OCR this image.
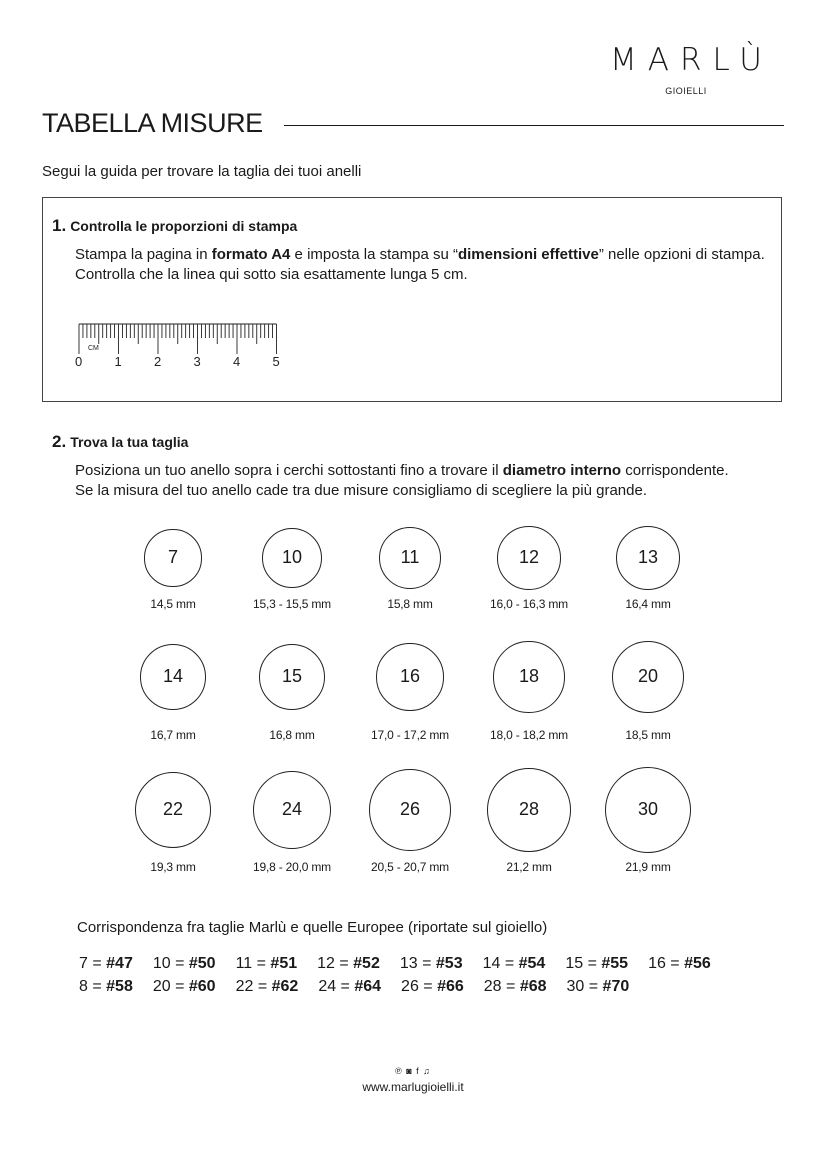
MARLÙ
GIOIELLI
TABELLA MISURE
Segui la guida per trovare la taglia dei tuoi anelli
1. Controlla le proporzioni di stampa
Stampa la pagina in formato A4 e imposta la stampa su “dimensioni effettive” nelle opzioni di stampa.
Controlla che la linea qui sotto sia esattamente lunga 5 cm.
CM
0 1 2 3 4 5
2. Trova la tua taglia
Posiziona un tuo anello sopra i cerchi sottostanti fino a trovare il diametro interno corrispondente.
Se la misura del tuo anello cade tra due misure consigliamo di scegliere la più grande.
7
14,5 mm
10
15,3 - 15,5 mm
11
15,8 mm
12
16,0 - 16,3 mm
13
16,4 mm
14
16,7 mm
15
16,8 mm
16
17,0 - 17,2 mm
18
18,0 - 18,2 mm
20
18,5 mm
22
19,3 mm
24
19,8 - 20,0 mm
26
20,5 - 20,7 mm
28
21,2 mm
30
21,9 mm
Corrispondenza fra taglie Marlù e quelle Europee (riportate sul gioiello)
7 = #47 10 = #50 11 = #51 12 = #52 13 = #53 14 = #54 15 = #55 16 = #56
8 = #58 20 = #60 22 = #62 24 = #64 26 = #66 28 = #68 30 = #70
℗ ◙ f ♫
www.marlugioielli.it
